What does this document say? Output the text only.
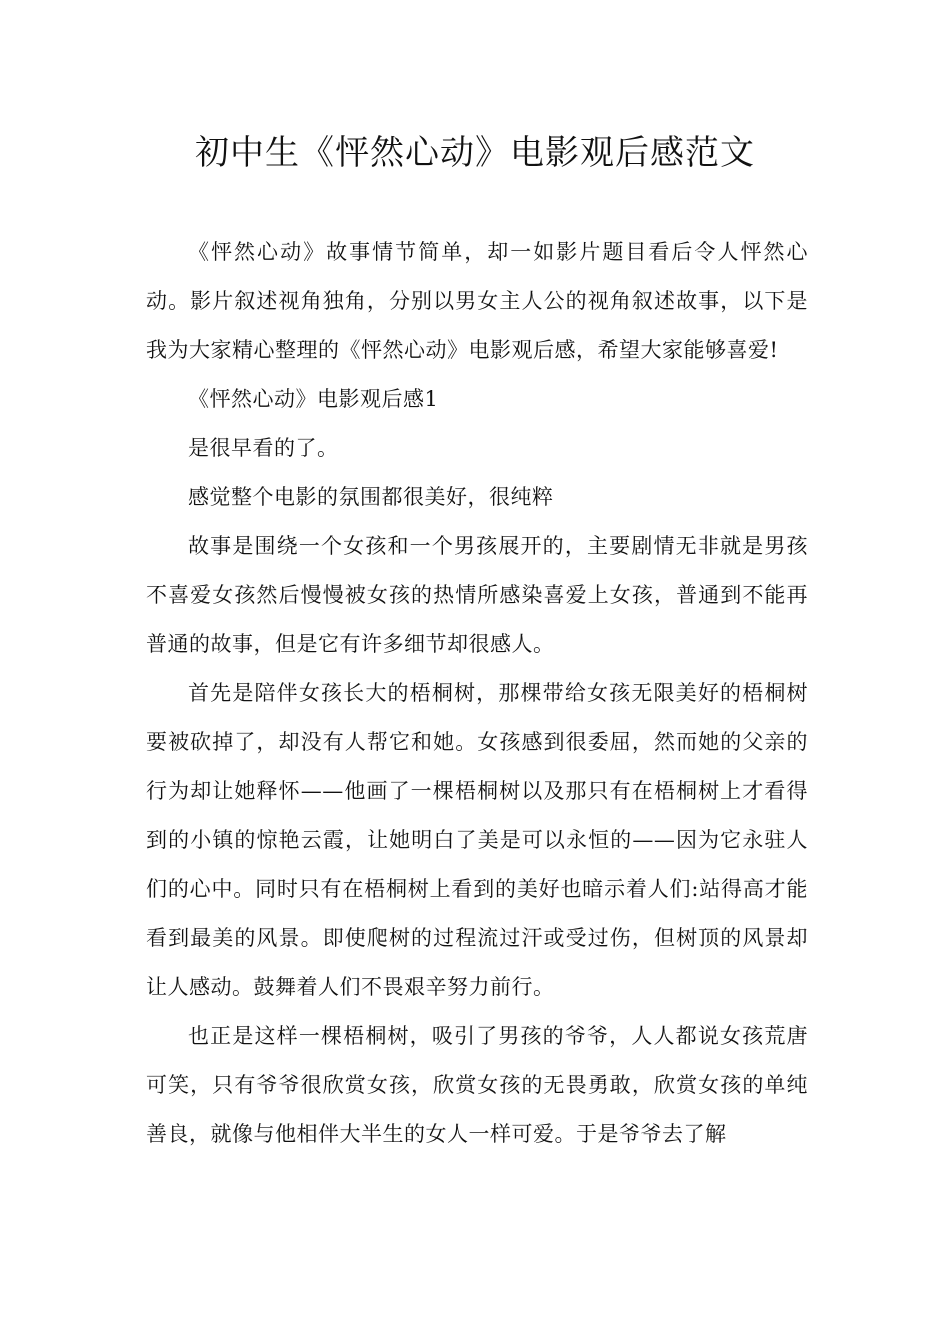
初中生《怦然心动》电影观后感范文

《怦然心动》故事情节简单，却一如影片题目看后令人怦然心动。影片叙述视角独角，分别以男女主人公的视角叙述故事，以下是我为大家精心整理的《怦然心动》电影观后感，希望大家能够喜爱!

《怦然心动》电影观后感1

是很早看的了。

感觉整个电影的氛围都很美好，很纯粹

故事是围绕一个女孩和一个男孩展开的，主要剧情无非就是男孩不喜爱女孩然后慢慢被女孩的热情所感染喜爱上女孩，普通到不能再普通的故事，但是它有许多细节却很感人。

首先是陪伴女孩长大的梧桐树，那棵带给女孩无限美好的梧桐树要被砍掉了，却没有人帮它和她。女孩感到很委屈，然而她的父亲的行为却让她释怀——他画了一棵梧桐树以及那只有在梧桐树上才看得到的小镇的惊艳云霞，让她明白了美是可以永恒的——因为它永驻人们的心中。同时只有在梧桐树上看到的美好也暗示着人们:站得高才能看到最美的风景。即使爬树的过程流过汗或受过伤，但树顶的风景却让人感动。鼓舞着人们不畏艰辛努力前行。

也正是这样一棵梧桐树，吸引了男孩的爷爷，人人都说女孩荒唐可笑，只有爷爷很欣赏女孩，欣赏女孩的无畏勇敢，欣赏女孩的单纯善良，就像与他相伴大半生的女人一样可爱。于是爷爷去了解
